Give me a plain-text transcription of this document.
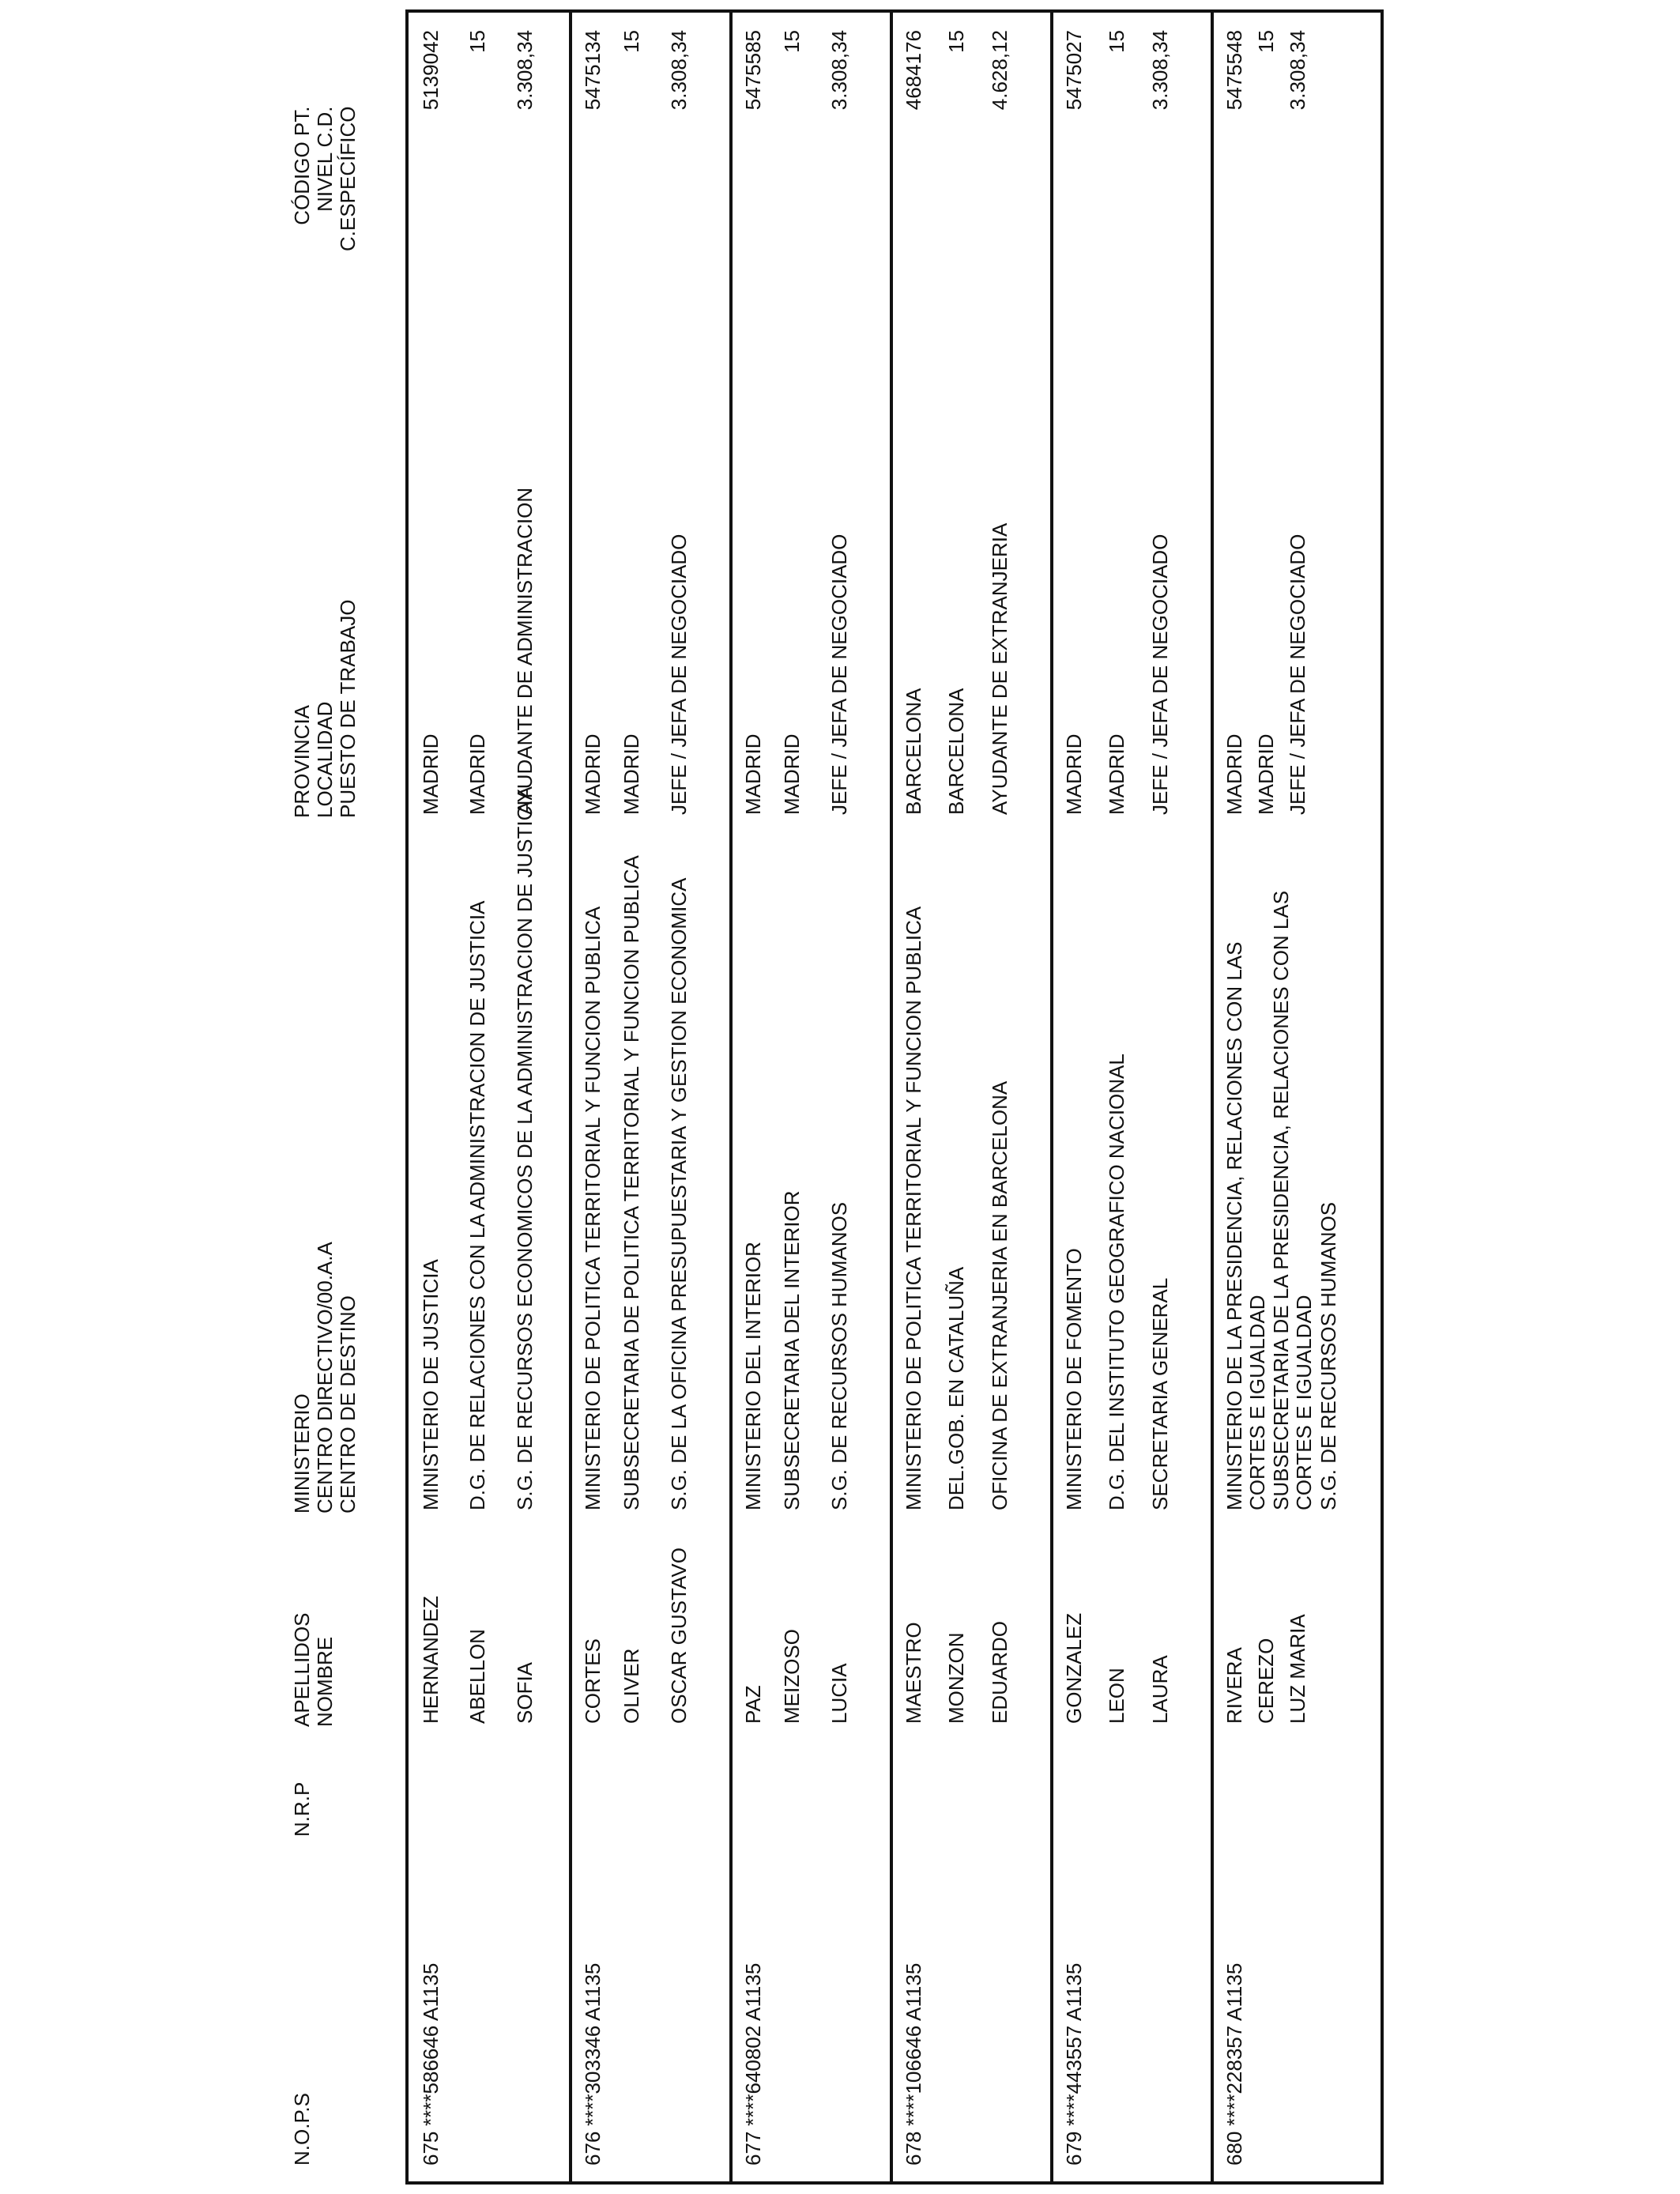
N.O.P.S
N.R.P
APELLIDOS NOMBRE
MINISTERIO CENTRO DIRECTIVO/00.A.A CENTRO DE DESTINO
PROVINCIA LOCALIDAD PUESTO DE TRABAJO
CÓDIGO PT. NIVEL C.D. C.ESPECÍFICO
675
****586646 A1135
HERNANDEZ ABELLON SOFIA
MINISTERIO DE JUSTICIA D.G. DE RELACIONES CON LA ADMINISTRACION DE JUSTICIA S.G. DE RECURSOS ECONOMICOS DE LA ADMINISTRACION DE JUSTICIA
MADRID MADRID AYUDANTE DE ADMINISTRACION
5139042 15 3.308,34
676
****303346 A1135
CORTES OLIVER OSCAR GUSTAVO
MINISTERIO DE POLITICA TERRITORIAL Y FUNCION PUBLICA SUBSECRETARIA DE POLITICA TERRITORIAL Y FUNCION PUBLICA S.G. DE LA OFICINA PRESUPUESTARIA Y GESTION ECONOMICA
MADRID MADRID JEFE / JEFA DE NEGOCIADO
5475134 15 3.308,34
677
****640802 A1135
PAZ MEIZOSO LUCIA
MINISTERIO DEL INTERIOR SUBSECRETARIA DEL INTERIOR S.G. DE RECURSOS HUMANOS
MADRID MADRID JEFE / JEFA DE NEGOCIADO
5475585 15 3.308,34
678
****106646 A1135
MAESTRO MONZON EDUARDO
MINISTERIO DE POLITICA TERRITORIAL Y FUNCION PUBLICA DEL.GOB. EN CATALUÑA OFICINA DE EXTRANJERIA EN BARCELONA
BARCELONA BARCELONA AYUDANTE DE EXTRANJERIA
4684176 15 4.628,12
679
****443557 A1135
GONZALEZ LEON LAURA
MINISTERIO DE FOMENTO D.G. DEL INSTITUTO GEOGRAFICO NACIONAL SECRETARIA GENERAL
MADRID MADRID JEFE / JEFA DE NEGOCIADO
5475027 15 3.308,34
680
****228357 A1135
RIVERA CEREZO LUZ MARIA
MINISTERIO DE LA PRESIDENCIA, RELACIONES CON LAS CORTES E IGUALDAD SUBSECRETARIA DE LA PRESIDENCIA, RELACIONES CON LAS CORTES E IGUALDAD S.G. DE RECURSOS HUMANOS
MADRID MADRID JEFE / JEFA DE NEGOCIADO
5475548 15 3.308,34
